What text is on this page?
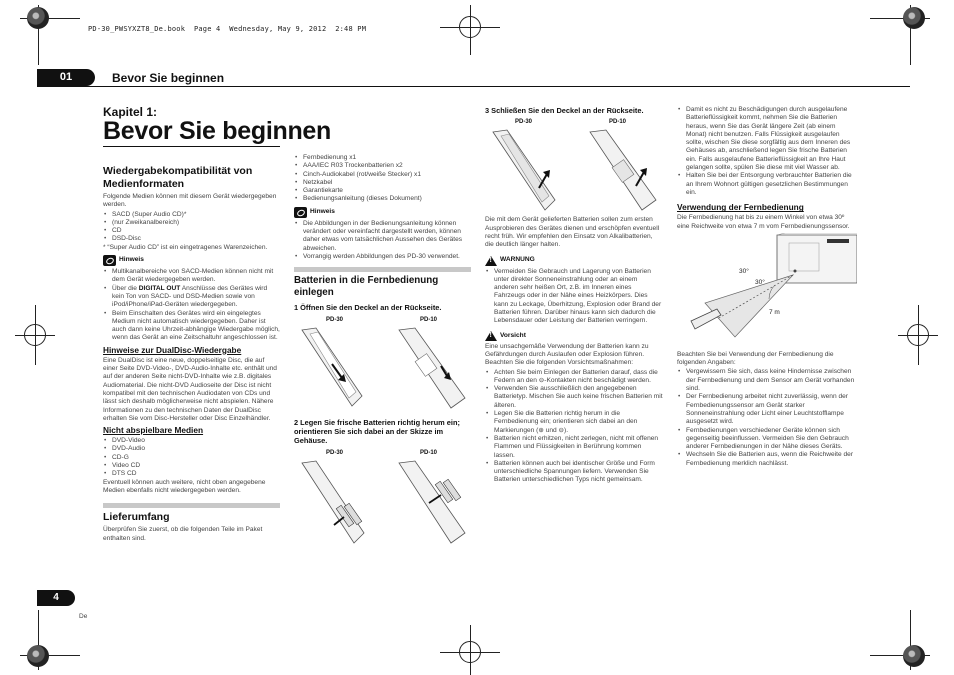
PD-30_PWSYXZT8_De.book  Page 4  Wednesday, May 9, 2012  2:48 PM
01	Bevor Sie beginnen
Kapitel 1:
Bevor Sie beginnen
Wiedergabekompatibilität von Medienformaten

Folgende Medien können mit diesem Gerät wiedergegeben werden.

• SACD (Super Audio CD)*
• (nur Zweikanalbereich)
• CD
• DSD-Disc

* “Super Audio CD” ist ein eingetragenes Warenzeichen.

Hinweis
• Multikanalbereiche von SACD-Medien können nicht mit dem Gerät wiedergegeben werden.
• Über die DIGITAL OUT Anschlüsse des Gerätes wird kein Ton von SACD- und DSD-Medien sowie von iPod/iPhone/iPad-Geräten wiedergegeben.
• Beim Einschalten des Gerätes wird ein eingelegtes Medium nicht automatisch wiedergegeben. Daher ist auch dann keine Uhrzeit-abhängige Wiedergabe möglich, wenn das Gerät an eine Zeitschaltuhr angeschlossen ist.
Hinweise zur DualDisc-Wiedergabe

Eine DualDisc ist eine neue, doppelseitige Disc, die auf einer Seite DVD-Video-, DVD-Audio-Inhalte etc. enthält und auf der anderen Seite nicht-DVD-Inhalte wie z.B. digitales Audiomaterial. Die nicht-DVD Audioseite der Disc ist nicht kompatibel mit den technischen Audiodaten von CDs und lässt sich deshalb möglicherweise nicht abspielen. Nähere Informationen zu den technischen Daten der DualDisc erhalten Sie vom Disc-Hersteller oder Disc Einzelhändler.

Nicht abspielbare Medien
• DVD-Video
• DVD-Audio
• CD-G
• Video CD
• DTS CD

Eventuell können auch weitere, nicht oben angegebene Medien ebenfalls nicht wiedergegeben werden.

Lieferumfang

Überprüfen Sie zuerst, ob die folgenden Teile im Paket enthalten sind.

• Fernbedienung x1
• AAA/IEC R03 Trockenbatterien x2
• Cinch-Audiokabel (rot/weiße Stecker) x1
• Netzkabel
• Garantiekarte
• Bedienungsanleitung (dieses Dokument)
Hinweis
• Die Abbildungen in der Bedienungsanleitung können verändert oder vereinfacht dargestellt werden, können daher etwas vom tatsächlichen Aussehen des Gerätes abweichen.
• Vorrangig werden Abbildungen des PD-30 verwendet.
Batterien in die Fernbedienung einlegen
1 Öffnen Sie den Deckel an der Rückseite.
PD-30	PD-10
2 Legen Sie frische Batterien richtig herum ein; orientieren Sie sich dabei an der Skizze im Gehäuse.
PD-30	PD-10
3 Schließen Sie den Deckel an der Rückseite.
PD-30	PD-10

Die mit dem Gerät gelieferten Batterien sollen zum ersten Ausprobieren des Gerätes dienen und erschöpfen eventuell recht früh. Wir empfehlen den Einsatz von Alkalibatterien, die deutlich länger halten.

!
WARNUNG
• Vermeiden Sie Gebrauch und Lagerung von Batterien unter direkter Sonneneinstrahlung oder an einem anderen sehr heißen Ort, z.B. im Inneren eines Fahrzeugs oder in der Nähe eines Heizkörpers. Dies kann zu Leckage, Überhitzung, Explosion oder Brand der Batterien führen. Darüber hinaus kann sich dadurch die Lebensdauer oder Leistung der Batterien verringern.
!
Vorsicht

Eine unsachgemäße Verwendung der Batterien kann zu Gefährdungen durch Auslaufen oder Explosion führen. Beachten Sie die folgenden Vorsichtsmaßnahmen:

• Achten Sie beim Einlegen der Batterien darauf, dass die Federn an den ⊖-Kontakten nicht beschädigt werden.
• Verwenden Sie ausschließlich den angegebenen Batterietyp. Mischen Sie auch keine frischen Batterien mit älteren.
• Legen Sie die Batterien richtig herum in die Fernbedienung ein; orientieren sich dabei an den Markierungen (⊕ und ⊖).
• Batterien nicht erhitzen, nicht zerlegen, nicht mit offenen Flammen und Flüssigkeiten in Berührung kommen lassen.
• Batterien können auch bei identischer Größe und Form unterschiedliche Spannungen liefern. Verwenden Sie Batterien unterschiedlichen Typs nicht gemeinsam.
• Damit es nicht zu Beschädigungen durch ausgelaufene Batterieflüssigkeit kommt, nehmen Sie die Batterien heraus, wenn Sie das Gerät längere Zeit (ab einem Monat) nicht benutzen. Falls Flüssigkeit ausgelaufen sollte, wischen Sie diese sorgfältig aus dem Inneren des Gehäuses ab, anschließend legen Sie frische Batterien ein. Falls ausgelaufene Batterieflüssigkeit an Ihre Haut gelangen sollte, spülen Sie diese mit viel Wasser ab.
• Halten Sie bei der Entsorgung verbrauchter Batterien die an Ihrem Wohnort gültigen gesetzlichen Bestimmungen ein.
Verwendung der Fernbedienung

Die Fernbedienung hat bis zu einem Winkel von etwa 30º eine Reichweite von etwa 7 m vom Fernbedienungssensor.

30°
30°
7 m

Beachten Sie bei Verwendung der Fernbedienung die folgenden Angaben:

• Vergewissern Sie sich, dass keine Hindernisse zwischen der Fernbedienung und dem Sensor am Gerät vorhanden sind.
• Der Fernbedienung arbeitet nicht zuverlässig, wenn der Fernbedienungssensor am Gerät starker Sonneneinstrahlung oder Licht einer Leuchtstofflampe ausgesetzt wird.
• Fernbedienungen verschiedener Geräte können sich gegenseitig beeinflussen. Vermeiden Sie den Gebrauch anderer Fernbedienungen in der Nähe dieses Geräts.
• Wechseln Sie die Batterien aus, wenn die Reichweite der Fernbedienung merklich nachlässt.
4
De
